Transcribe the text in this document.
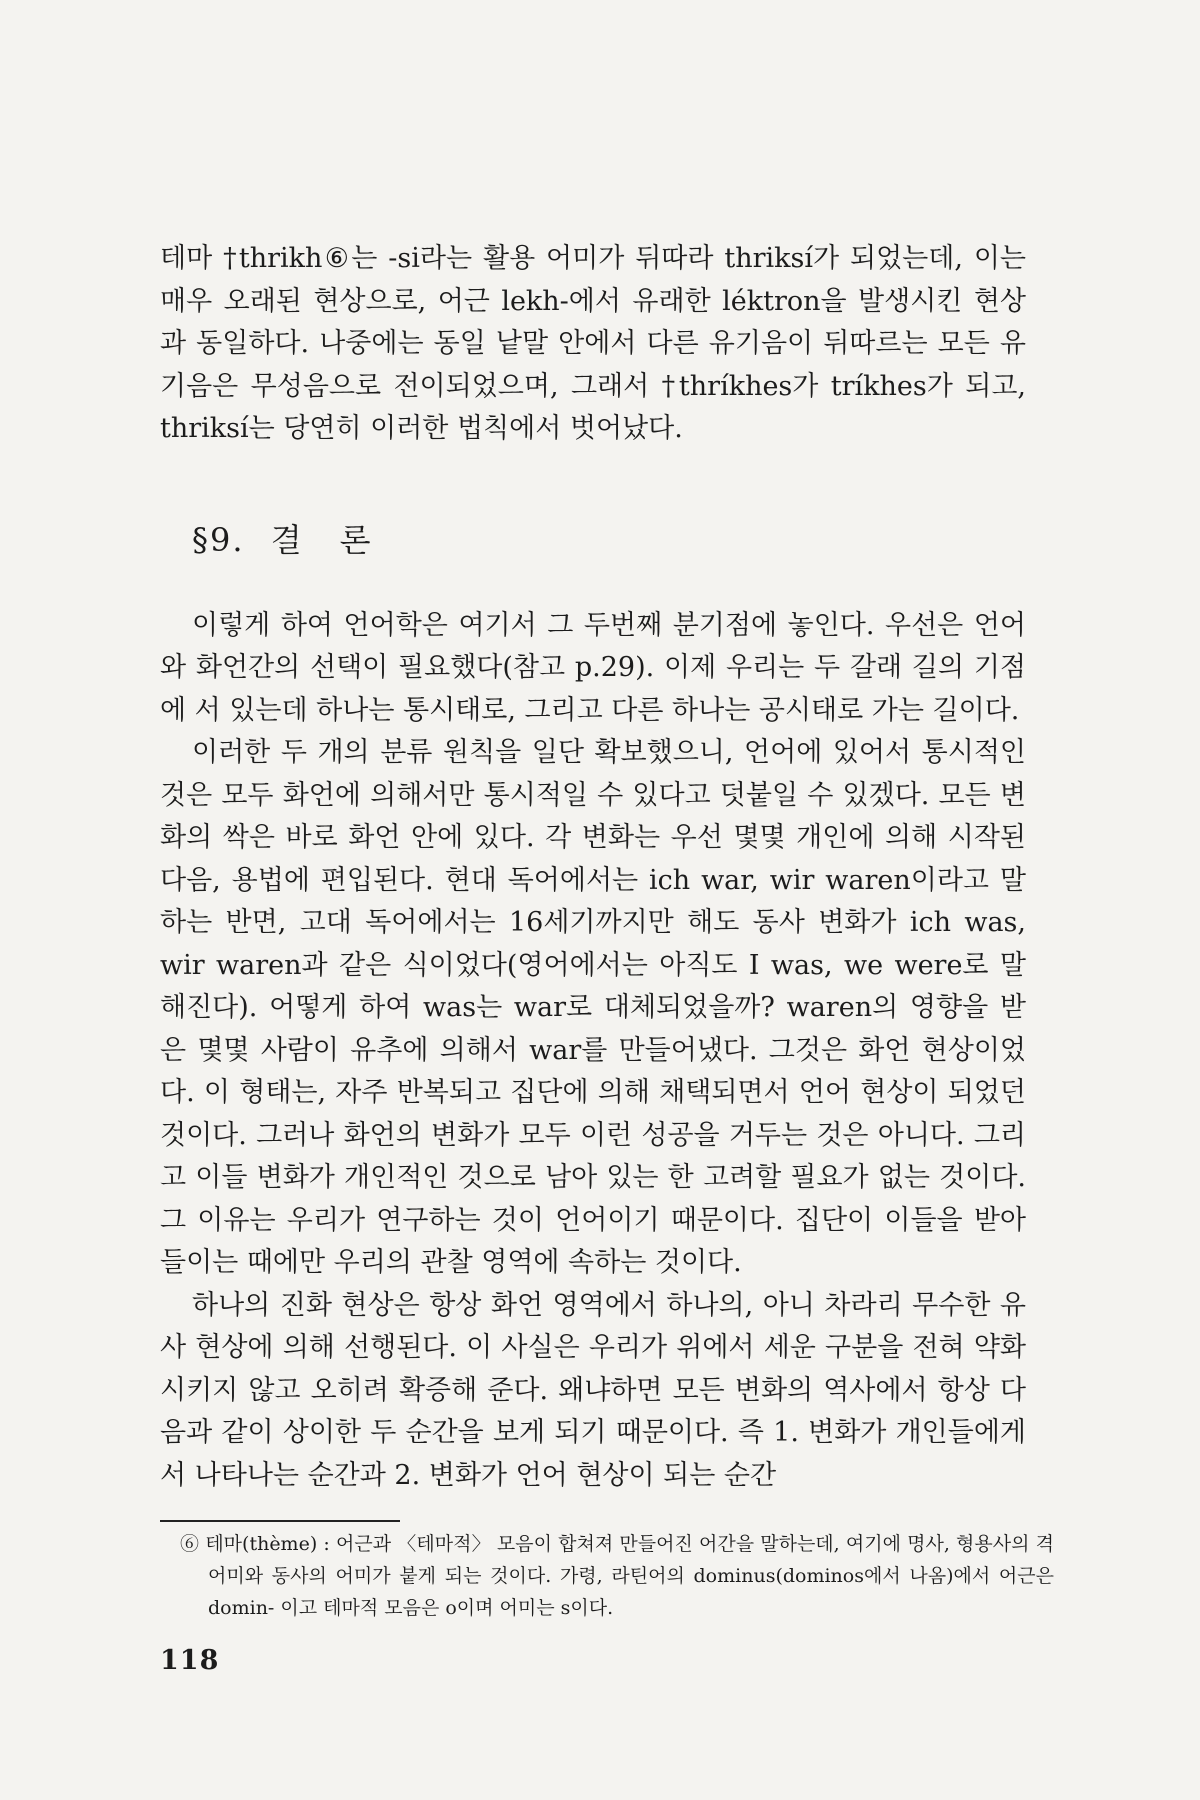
테마 †thrikh⑥는 -si라는 활용 어미가 뒤따라 thriksí가 되었는데, 이는 매우 오래된 현상으로, 어근 lekh-에서 유래한 léktron을 발생시킨 현상과 동일하다. 나중에는 동일 낱말 안에서 다른 유기음이 뒤따르는 모든 유기음은 무성음으로 전이되었으며, 그래서 †thríkhes가 tríkhes가 되고, thriksí는 당연히 이러한 법칙에서 벗어났다.

§9. 결 론

이렇게 하여 언어학은 여기서 그 두번째 분기점에 놓인다. 우선은 언어와 화언간의 선택이 필요했다(참고 p.29). 이제 우리는 두 갈래 길의 기점에 서 있는데 하나는 통시태로, 그리고 다른 하나는 공시태로 가는 길이다.

이러한 두 개의 분류 원칙을 일단 확보했으니, 언어에 있어서 통시적인 것은 모두 화언에 의해서만 통시적일 수 있다고 덧붙일 수 있겠다. 모든 변화의 싹은 바로 화언 안에 있다. 각 변화는 우선 몇몇 개인에 의해 시작된 다음, 용법에 편입된다. 현대 독어에서는 ich war, wir waren이라고 말하는 반면, 고대 독어에서는 16세기까지만 해도 동사 변화가 ich was, wir waren과 같은 식이었다(영어에서는 아직도 I was, we were로 말해진다). 어떻게 하여 was는 war로 대체되었을까? waren의 영향을 받은 몇몇 사람이 유추에 의해서 war를 만들어냈다. 그것은 화언 현상이었다. 이 형태는, 자주 반복되고 집단에 의해 채택되면서 언어 현상이 되었던 것이다. 그러나 화언의 변화가 모두 이런 성공을 거두는 것은 아니다. 그리고 이들 변화가 개인적인 것으로 남아 있는 한 고려할 필요가 없는 것이다. 그 이유는 우리가 연구하는 것이 언어이기 때문이다. 집단이 이들을 받아들이는 때에만 우리의 관찰 영역에 속하는 것이다.

하나의 진화 현상은 항상 화언 영역에서 하나의, 아니 차라리 무수한 유사 현상에 의해 선행된다. 이 사실은 우리가 위에서 세운 구분을 전혀 약화시키지 않고 오히려 확증해 준다. 왜냐하면 모든 변화의 역사에서 항상 다음과 같이 상이한 두 순간을 보게 되기 때문이다. 즉 1. 변화가 개인들에게서 나타나는 순간과 2. 변화가 언어 현상이 되는 순간

⑥ 테마(thème) : 어근과 〈테마적〉 모음이 합쳐져 만들어진 어간을 말하는데, 여기에 명사, 형용사의 격어미와 동사의 어미가 붙게 되는 것이다. 가령, 라틴어의 dominus(dominos에서 나옴)에서 어근은 domin- 이고 테마적 모음은 o이며 어미는 s이다.

118
